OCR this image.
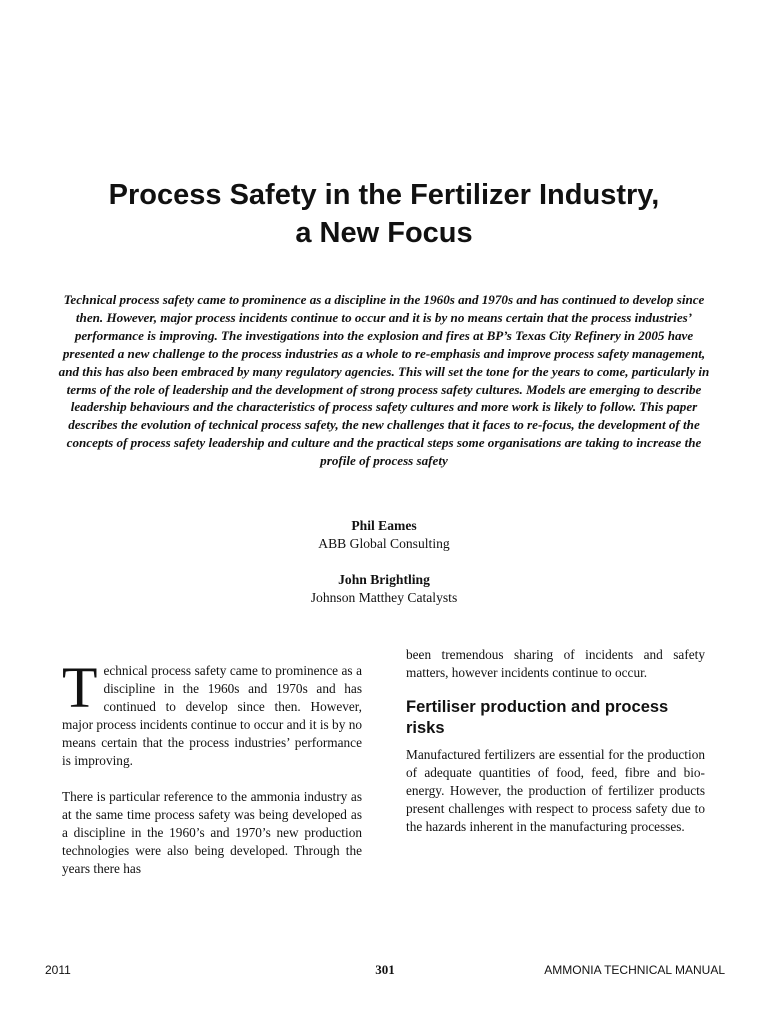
Process Safety in the Fertilizer Industry,
a New Focus

Technical process safety came to prominence as a discipline in the 1960s and 1970s and has continued to develop since then. However, major process incidents continue to occur and it is by no means certain that the process industries’ performance is improving. The investigations into the explosion and fires at BP’s Texas City Refinery in 2005 have presented a new challenge to the process industries as a whole to re-emphasis and improve process safety management, and this has also been embraced by many regulatory agencies. This will set the tone for the years to come, particularly in terms of the role of leadership and the development of strong process safety cultures. Models are emerging to describe leadership behaviours and the characteristics of process safety cultures and more work is likely to follow. This paper describes the evolution of technical process safety, the new challenges that it faces to re-focus, the development of the concepts of process safety leadership and culture and the practical steps some organisations are taking to increase the profile of process safety

Phil Eames
ABB Global Consulting
John Brightling
Johnson Matthey Catalysts

Technical process safety came to prominence as a discipline in the 1960s and 1970s and has continued to develop since then. However, major process incidents continue to occur and it is by no means certain that the process industries’ performance is improving.

There is particular reference to the ammonia industry as at the same time process safety was being developed as a discipline in the 1960’s and 1970’s new production technologies were also being developed. Through the years there has

been tremendous sharing of incidents and safety matters, however incidents continue to occur.

Fertiliser production and process risks

Manufactured fertilizers are essential for the production of adequate quantities of food, feed, fibre and bio-energy. However, the production of fertilizer products present challenges with respect to process safety due to the hazards inherent in the manufacturing processes.

2011	301	AMMONIA TECHNICAL MANUAL
